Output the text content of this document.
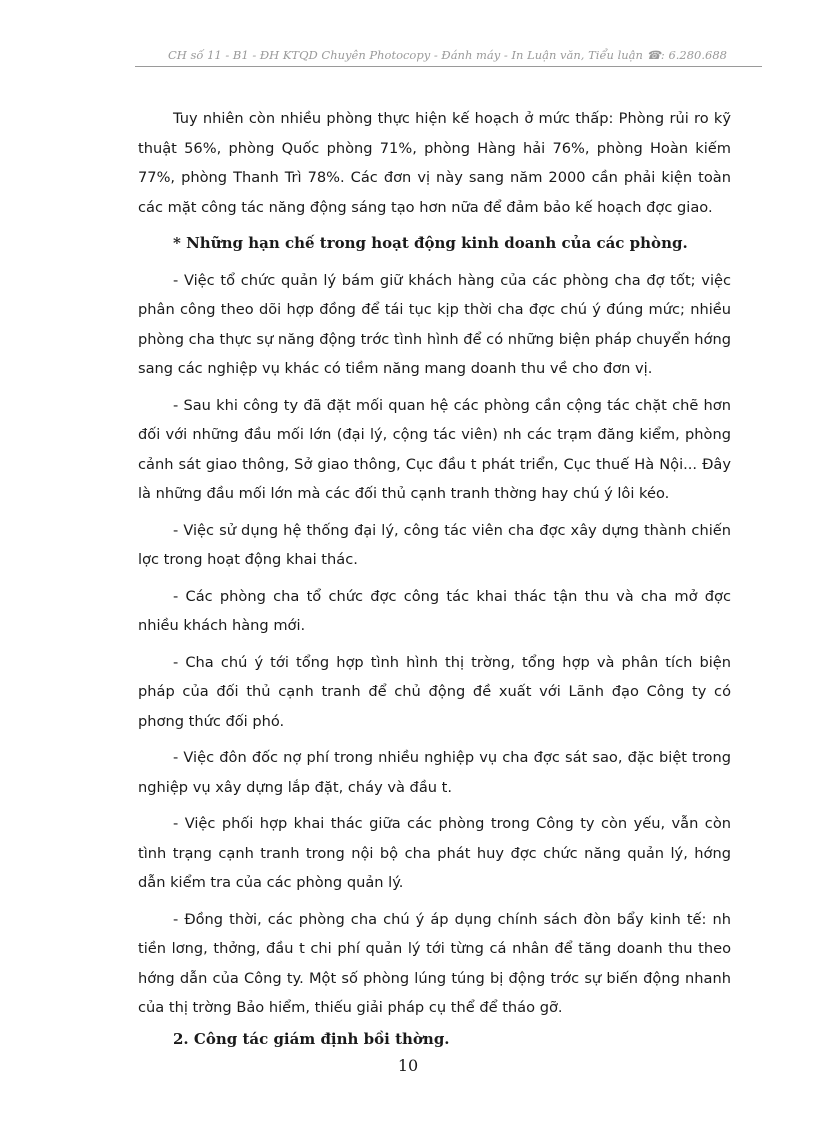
CH số 11 - B1 - ĐH KTQD Chuyên Photocopy - Đánh máy - In Luận văn, Tiểu luận ☎: 6.280.688

Tuy nhiên còn nhiều phòng thực hiện kế hoạch ở mức thấp: Phòng rủi ro kỹ thuật 56%, phòng Quốc phòng 71%, phòng Hàng hải 76%, phòng Hoàn kiếm 77%, phòng Thanh Trì 78%. Các đơn vị này sang năm 2000 cần phải kiện toàn các mặt công tác năng động sáng tạo hơn nữa để đảm bảo kế hoạch đợc giao.

* Những hạn chế trong hoạt động kinh doanh của các phòng.

- Việc tổ chức quản lý bám giữ khách hàng của các phòng cha đợ tốt; việc phân công theo dõi hợp đồng để tái tục kịp thời cha đợc chú ý đúng mức; nhiều phòng cha thực sự năng động trớc tình hình để có những biện pháp chuyển hớng sang các nghiệp vụ khác có tiềm năng mang doanh thu về cho đơn vị.

- Sau khi công ty đã đặt mối quan hệ các phòng cần cộng tác chặt chẽ hơn đối với những đầu mối lớn (đại lý, cộng tác viên) nh các trạm đăng kiểm, phòng cảnh sát giao thông, Sở giao thông, Cục đầu t phát triển, Cục thuế Hà Nội... Đây là những đầu mối lớn mà các đối thủ cạnh tranh thờng hay chú ý lôi kéo.

- Việc sử dụng hệ thống đại lý, công tác viên cha đợc xây dựng thành chiến lợc trong hoạt động khai thác.

- Các phòng cha tổ chức đợc công tác khai thác tận thu và cha mở đợc nhiều khách hàng mới.

- Cha chú ý tới tổng hợp tình hình thị trờng, tổng hợp và phân tích biện pháp của đối thủ cạnh tranh để chủ động đề xuất với Lãnh đạo Công ty có phơng thức đối phó.

- Việc đôn đốc nợ phí trong nhiều nghiệp vụ cha đợc sát sao, đặc biệt trong nghiệp vụ xây dựng lắp đặt, cháy và đầu t.

- Việc phối hợp khai thác giữa các phòng trong Công ty còn yếu, vẫn còn tình trạng cạnh tranh trong nội bộ cha phát huy đợc chức năng quản lý, hớng dẫn kiểm tra của các phòng quản lý.

- Đồng thời, các phòng cha chú ý áp dụng chính sách đòn bẩy kinh tế: nh tiền lơng, thởng, đầu t chi phí quản lý tới từng cá nhân để tăng doanh thu theo hớng dẫn của Công ty. Một số phòng lúng túng bị động trớc sự biến động nhanh của thị trờng Bảo hiểm, thiếu giải pháp cụ thể để tháo gỡ.

2. Công tác giám định bồi thờng.

10
